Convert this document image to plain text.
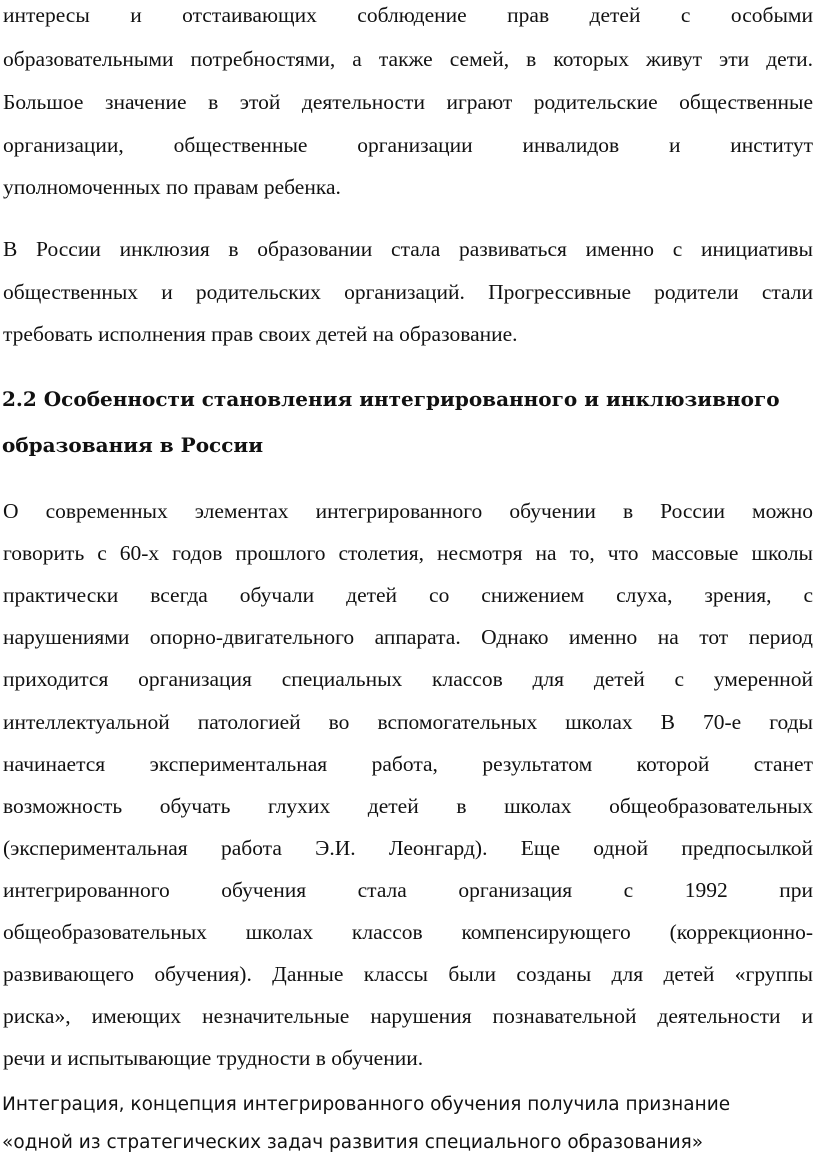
интересы и отстаивающих соблюдение прав детей с особыми
образовательными потребностями, а также семей, в которых живут эти дети.
Большое значение в этой деятельности играют родительские общественные
организации, общественные организации инвалидов и институт
уполномоченных по правам ребенка.
В России инклюзия в образовании стала развиваться именно с инициативы
общественных и родительских организаций. Прогрессивные родители стали
требовать исполнения прав своих детей на образование.
2.2 Особенности становления интегрированного и инклюзивного
образования в России
О современных элементах интегрированного обучении в России можно
говорить с 60-х годов прошлого столетия, несмотря на то, что массовые школы
практически всегда обучали детей со снижением слуха, зрения, с
нарушениями опорно-двигательного аппарата. Однако именно на тот период
приходится организация специальных классов для детей с умеренной
интеллектуальной патологией во вспомогательных школах В 70-е годы
начинается экспериментальная работа, результатом которой станет
возможность обучать глухих детей в школах общеобразовательных
(экспериментальная работа Э.И. Леонгард). Еще одной предпосылкой
интегрированного обучения стала организация с 1992 при
общеобразовательных школах классов компенсирующего (коррекционно-
развивающего обучения). Данные классы были созданы для детей «группы
риска», имеющих незначительные нарушения познавательной деятельности и
речи и испытывающие трудности в обучении.
Интеграция, концепция интегрированного обучения получила признание
«одной из стратегических задач развития специального образования»
